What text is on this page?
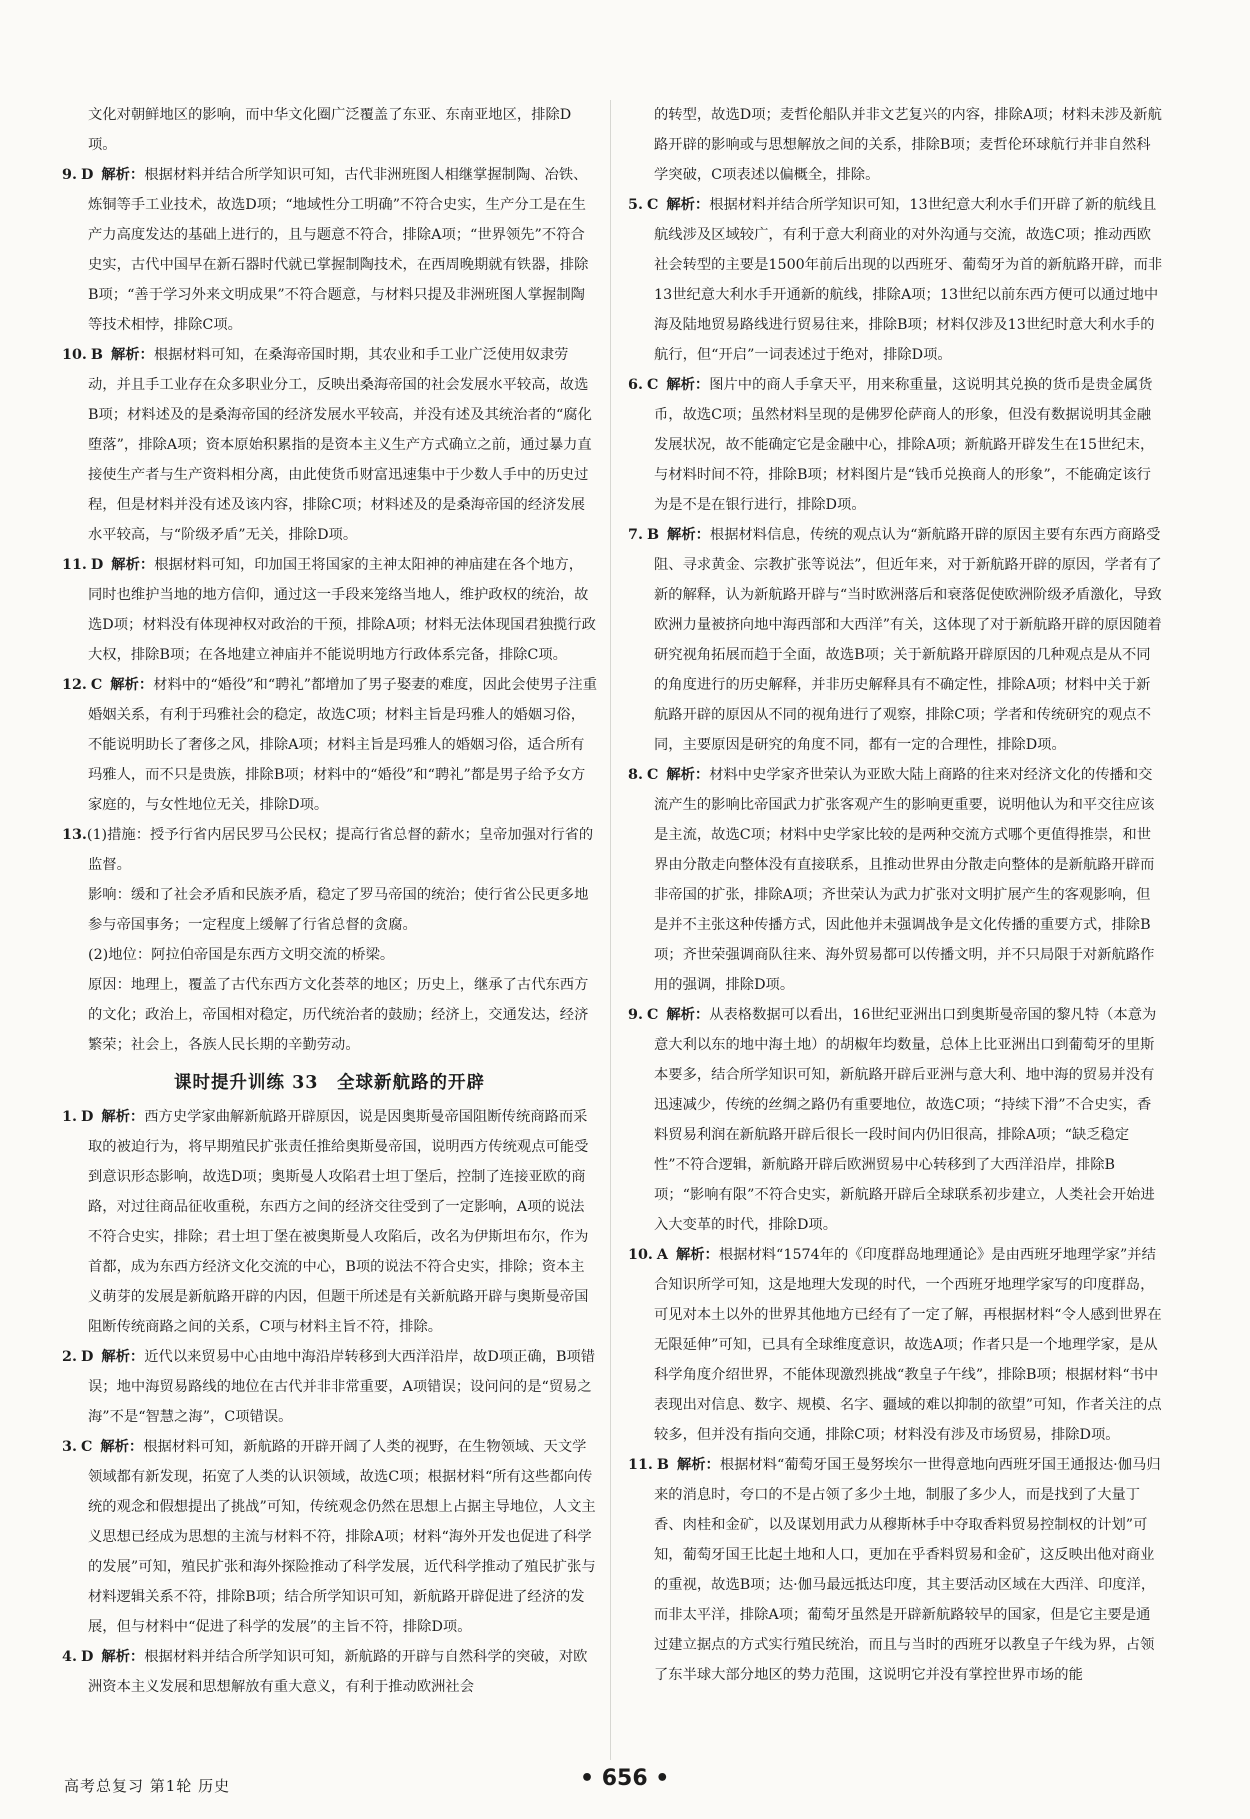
文化对朝鲜地区的影响，而中华文化圈广泛覆盖了东亚、东南亚地区，排除D项。

9. D 解析：根据材料并结合所学知识可知，古代非洲班图人相继掌握制陶、冶铁、炼铜等手工业技术，故选D项；“地域性分工明确”不符合史实，生产分工是在生产力高度发达的基础上进行的，且与题意不符合，排除A项；“世界领先”不符合史实，古代中国早在新石器时代就已掌握制陶技术，在西周晚期就有铁器，排除B项；“善于学习外来文明成果”不符合题意，与材料只提及非洲班图人掌握制陶等技术相悖，排除C项。

10. B 解析：根据材料可知，在桑海帝国时期，其农业和手工业广泛使用奴隶劳动，并且手工业存在众多职业分工，反映出桑海帝国的社会发展水平较高，故选B项；材料述及的是桑海帝国的经济发展水平较高，并没有述及其统治者的“腐化堕落”，排除A项；资本原始积累指的是资本主义生产方式确立之前，通过暴力直接使生产者与生产资料相分离，由此使货币财富迅速集中于少数人手中的历史过程，但是材料并没有述及该内容，排除C项；材料述及的是桑海帝国的经济发展水平较高，与“阶级矛盾”无关，排除D项。

11. D 解析：根据材料可知，印加国王将国家的主神太阳神的神庙建在各个地方，同时也维护当地的地方信仰，通过这一手段来笼络当地人，维护政权的统治，故选D项；材料没有体现神权对政治的干预，排除A项；材料无法体现国君独揽行政大权，排除B项；在各地建立神庙并不能说明地方行政体系完备，排除C项。

12. C 解析：材料中的“婚役”和“聘礼”都增加了男子娶妻的难度，因此会使男子注重婚姻关系，有利于玛雅社会的稳定，故选C项；材料主旨是玛雅人的婚姻习俗，不能说明助长了奢侈之风，排除A项；材料主旨是玛雅人的婚姻习俗，适合所有玛雅人，而不只是贵族，排除B项；材料中的“婚役”和“聘礼”都是男子给予女方家庭的，与女性地位无关，排除D项。

13.(1)措施：授予行省内居民罗马公民权；提高行省总督的薪水；皇帝加强对行省的监督。

影响：缓和了社会矛盾和民族矛盾，稳定了罗马帝国的统治；使行省公民更多地参与帝国事务；一定程度上缓解了行省总督的贪腐。

(2)地位：阿拉伯帝国是东西方文明交流的桥梁。

原因：地理上，覆盖了古代东西方文化荟萃的地区；历史上，继承了古代东西方的文化；政治上，帝国相对稳定，历代统治者的鼓励；经济上，交通发达，经济繁荣；社会上，各族人民长期的辛勤劳动。

课时提升训练 33　全球新航路的开辟

1. D 解析：西方史学家曲解新航路开辟原因，说是因奥斯曼帝国阻断传统商路而采取的被迫行为，将早期殖民扩张责任推给奥斯曼帝国，说明西方传统观点可能受到意识形态影响，故选D项；奥斯曼人攻陷君士坦丁堡后，控制了连接亚欧的商路，对过往商品征收重税，东西方之间的经济交往受到了一定影响，A项的说法不符合史实，排除；君士坦丁堡在被奥斯曼人攻陷后，改名为伊斯坦布尔，作为首都，成为东西方经济文化交流的中心，B项的说法不符合史实，排除；资本主义萌芽的发展是新航路开辟的内因，但题干所述是有关新航路开辟与奥斯曼帝国阻断传统商路之间的关系，C项与材料主旨不符，排除。

2. D 解析：近代以来贸易中心由地中海沿岸转移到大西洋沿岸，故D项正确，B项错误；地中海贸易路线的地位在古代并非非常重要，A项错误；设问问的是“贸易之海”不是“智慧之海”，C项错误。

3. C 解析：根据材料可知，新航路的开辟开阔了人类的视野，在生物领域、天文学领域都有新发现，拓宽了人类的认识领域，故选C项；根据材料“所有这些都向传统的观念和假想提出了挑战”可知，传统观念仍然在思想上占据主导地位，人文主义思想已经成为思想的主流与材料不符，排除A项；材料“海外开发也促进了科学的发展”可知，殖民扩张和海外探险推动了科学发展，近代科学推动了殖民扩张与材料逻辑关系不符，排除B项；结合所学知识可知，新航路开辟促进了经济的发展，但与材料中“促进了科学的发展”的主旨不符，排除D项。

4. D 解析：根据材料并结合所学知识可知，新航路的开辟与自然科学的突破，对欧洲资本主义发展和思想解放有重大意义，有利于推动欧洲社会

的转型，故选D项；麦哲伦船队并非文艺复兴的内容，排除A项；材料未涉及新航路开辟的影响或与思想解放之间的关系，排除B项；麦哲伦环球航行并非自然科学突破，C项表述以偏概全，排除。

5. C 解析：根据材料并结合所学知识可知，13世纪意大利水手们开辟了新的航线且航线涉及区域较广，有利于意大利商业的对外沟通与交流，故选C项；推动西欧社会转型的主要是1500年前后出现的以西班牙、葡萄牙为首的新航路开辟，而非13世纪意大利水手开通新的航线，排除A项；13世纪以前东西方便可以通过地中海及陆地贸易路线进行贸易往来，排除B项；材料仅涉及13世纪时意大利水手的航行，但“开启”一词表述过于绝对，排除D项。

6. C 解析：图片中的商人手拿天平，用来称重量，这说明其兑换的货币是贵金属货币，故选C项；虽然材料呈现的是佛罗伦萨商人的形象，但没有数据说明其金融发展状况，故不能确定它是金融中心，排除A项；新航路开辟发生在15世纪末，与材料时间不符，排除B项；材料图片是“钱币兑换商人的形象”，不能确定该行为是不是在银行进行，排除D项。

7. B 解析：根据材料信息，传统的观点认为“新航路开辟的原因主要有东西方商路受阻、寻求黄金、宗教扩张等说法”，但近年来，对于新航路开辟的原因，学者有了新的解释，认为新航路开辟与“当时欧洲落后和衰落促使欧洲阶级矛盾激化，导致欧洲力量被挤向地中海西部和大西洋”有关，这体现了对于新航路开辟的原因随着研究视角拓展而趋于全面，故选B项；关于新航路开辟原因的几种观点是从不同的角度进行的历史解释，并非历史解释具有不确定性，排除A项；材料中关于新航路开辟的原因从不同的视角进行了观察，排除C项；学者和传统研究的观点不同，主要原因是研究的角度不同，都有一定的合理性，排除D项。

8. C 解析：材料中史学家齐世荣认为亚欧大陆上商路的往来对经济文化的传播和交流产生的影响比帝国武力扩张客观产生的影响更重要，说明他认为和平交往应该是主流，故选C项；材料中史学家比较的是两种交流方式哪个更值得推崇，和世界由分散走向整体没有直接联系，且推动世界由分散走向整体的是新航路开辟而非帝国的扩张，排除A项；齐世荣认为武力扩张对文明扩展产生的客观影响，但是并不主张这种传播方式，因此他并未强调战争是文化传播的重要方式，排除B项；齐世荣强调商队往来、海外贸易都可以传播文明，并不只局限于对新航路作用的强调，排除D项。

9. C 解析：从表格数据可以看出，16世纪亚洲出口到奥斯曼帝国的黎凡特（本意为意大利以东的地中海土地）的胡椒年均数量，总体上比亚洲出口到葡萄牙的里斯本要多，结合所学知识可知，新航路开辟后亚洲与意大利、地中海的贸易并没有迅速减少，传统的丝绸之路仍有重要地位，故选C项；“持续下滑”不合史实，香料贸易利润在新航路开辟后很长一段时间内仍旧很高，排除A项；“缺乏稳定性”不符合逻辑，新航路开辟后欧洲贸易中心转移到了大西洋沿岸，排除B项；“影响有限”不符合史实，新航路开辟后全球联系初步建立，人类社会开始进入大变革的时代，排除D项。

10. A 解析：根据材料“1574年的《印度群岛地理通论》是由西班牙地理学家”并结合知识所学可知，这是地理大发现的时代，一个西班牙地理学家写的印度群岛，可见对本土以外的世界其他地方已经有了一定了解，再根据材料“令人感到世界在无限延伸”可知，已具有全球维度意识，故选A项；作者只是一个地理学家，是从科学角度介绍世界，不能体现激烈挑战“教皇子午线”，排除B项；根据材料“书中表现出对信息、数字、规模、名字、疆域的难以抑制的欲望”可知，作者关注的点较多，但并没有指向交通，排除C项；材料没有涉及市场贸易，排除D项。

11. B 解析：根据材料“葡萄牙国王曼努埃尔一世得意地向西班牙国王通报达·伽马归来的消息时，夸口的不是占领了多少土地，制服了多少人，而是找到了大量丁香、肉桂和金矿，以及谋划用武力从穆斯林手中夺取香料贸易控制权的计划”可知，葡萄牙国王比起土地和人口，更加在乎香料贸易和金矿，这反映出他对商业的重视，故选B项；达·伽马最远抵达印度，其主要活动区域在大西洋、印度洋，而非太平洋，排除A项；葡萄牙虽然是开辟新航路较早的国家，但是它主要是通过建立据点的方式实行殖民统治，而且与当时的西班牙以教皇子午线为界，占领了东半球大部分地区的势力范围，这说明它并没有掌控世界市场的能

高考总复习 第1轮 历史	• 656 •
